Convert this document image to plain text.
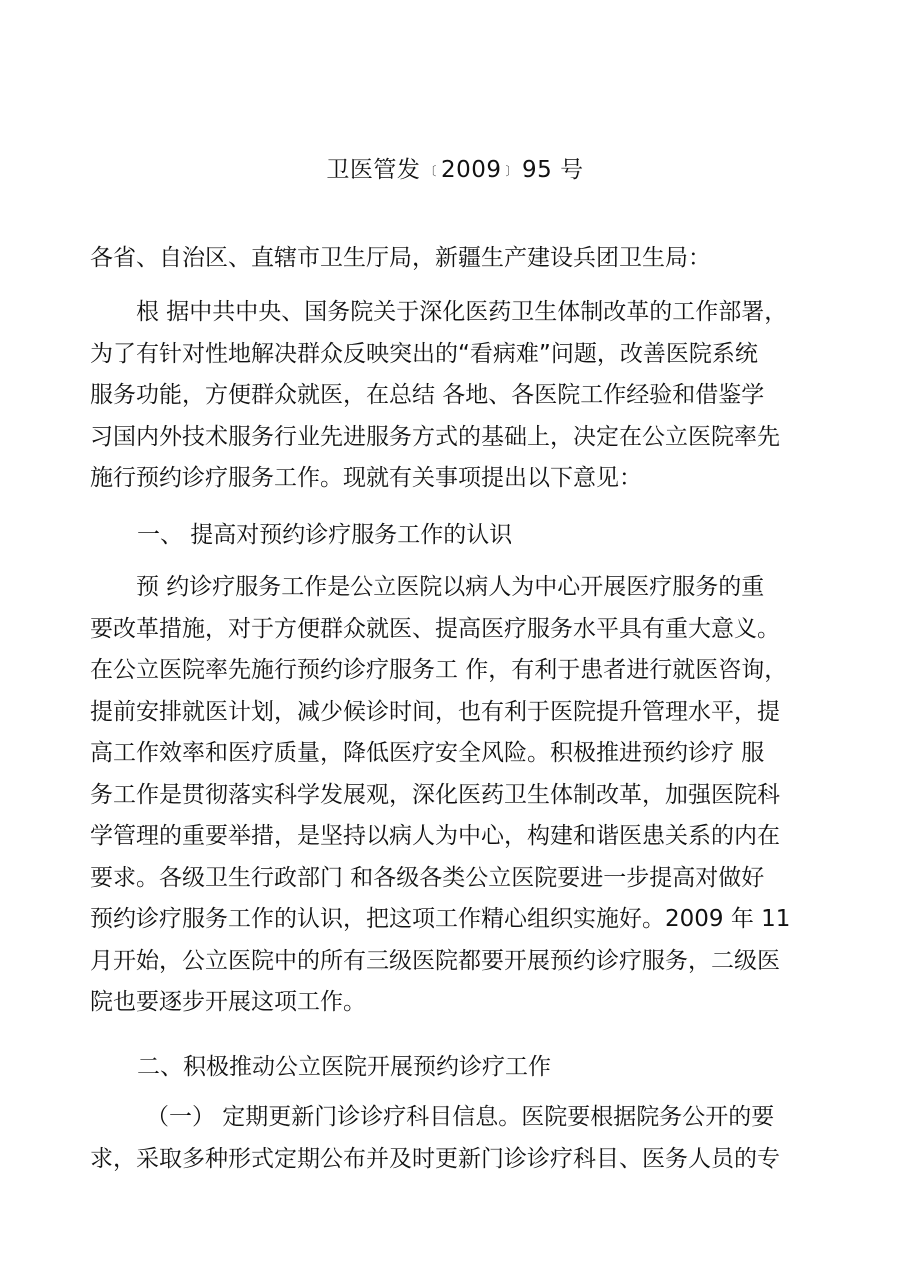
卫医管发 〔 2009 〕 95 号
各省、自治区、直辖市卫生厅局，新疆生产建设兵团卫生局：
根 据中共中央、国务院关于深化医药卫生体制改革的工作部署，
为了有针对性地解决群众反映突出的“看病难”问题，改善医院系统
服务功能，方便群众就医，在总结 各地、各医院工作经验和借鉴学
习国内外技术服务行业先进服务方式的基础上，决定在公立医院率先
施行预约诊疗服务工作。现就有关事项提出以下意见：
一、 提高对预约诊疗服务工作的认识
预 约诊疗服务工作是公立医院以病人为中心开展医疗服务的重
要改革措施，对于方便群众就医、提高医疗服务水平具有重大意义。
在公立医院率先施行预约诊疗服务工 作，有利于患者进行就医咨询，
提前安排就医计划，减少候诊时间，也有利于医院提升管理水平，提
高工作效率和医疗质量，降低医疗安全风险。积极推进预约诊疗 服
务工作是贯彻落实科学发展观，深化医药卫生体制改革，加强医院科
学管理的重要举措，是坚持以病人为中心，构建和谐医患关系的内在
要求。各级卫生行政部门 和各级各类公立医院要进一步提高对做好
预约诊疗服务工作的认识，把这项工作精心组织实施好。2009 年 11
月开始，公立医院中的所有三级医院都要开展预约诊疗服务，二级医
院也要逐步开展这项工作。
二、积极推动公立医院开展预约诊疗工作
（一） 定期更新门诊诊疗科目信息。医院要根据院务公开的要
求，采取多种形式定期公布并及时更新门诊诊疗科目、医务人员的专
